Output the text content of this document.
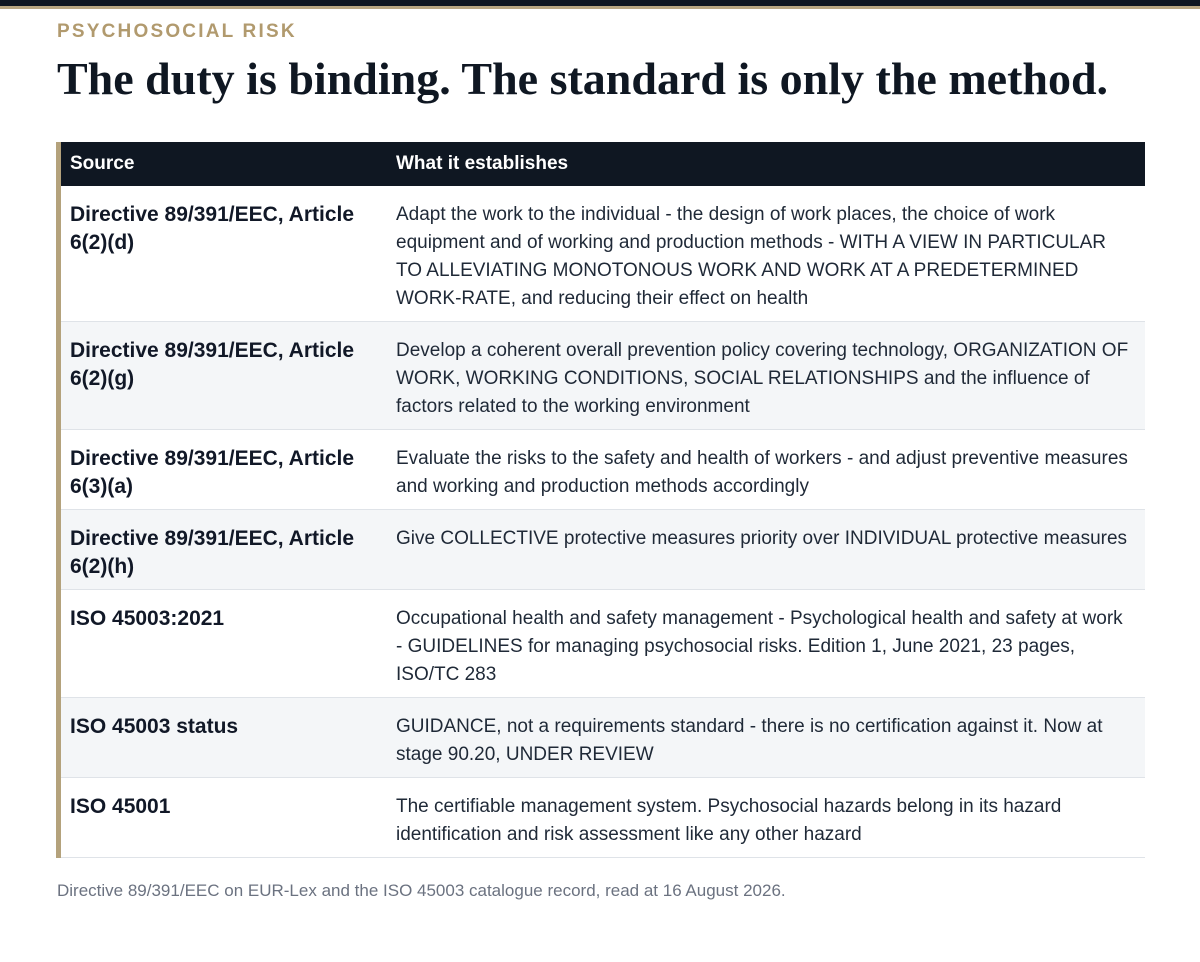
PSYCHOSOCIAL RISK
The duty is binding. The standard is only the method.
Source	What it establishes
Directive 89/391/EEC, Article 6(2)(d)	Adapt the work to the individual - the design of work places, the choice of work equipment and of working and production methods - WITH A VIEW IN PARTICULAR TO ALLEVIATING MONOTONOUS WORK AND WORK AT A PREDETERMINED WORK-RATE, and reducing their effect on health
Directive 89/391/EEC, Article 6(2)(g)	Develop a coherent overall prevention policy covering technology, ORGANIZATION OF WORK, WORKING CONDITIONS, SOCIAL RELATIONSHIPS and the influence of factors related to the working environment
Directive 89/391/EEC, Article 6(3)(a)	Evaluate the risks to the safety and health of workers - and adjust preventive measures and working and production methods accordingly
Directive 89/391/EEC, Article 6(2)(h)	Give COLLECTIVE protective measures priority over INDIVIDUAL protective measures
ISO 45003:2021	Occupational health and safety management - Psychological health and safety at work - GUIDELINES for managing psychosocial risks. Edition 1, June 2021, 23 pages, ISO/TC 283
ISO 45003 status	GUIDANCE, not a requirements standard - there is no certification against it. Now at stage 90.20, UNDER REVIEW
ISO 45001	The certifiable management system. Psychosocial hazards belong in its hazard identification and risk assessment like any other hazard
Directive 89/391/EEC on EUR-Lex and the ISO 45003 catalogue record, read at 16 August 2026.
